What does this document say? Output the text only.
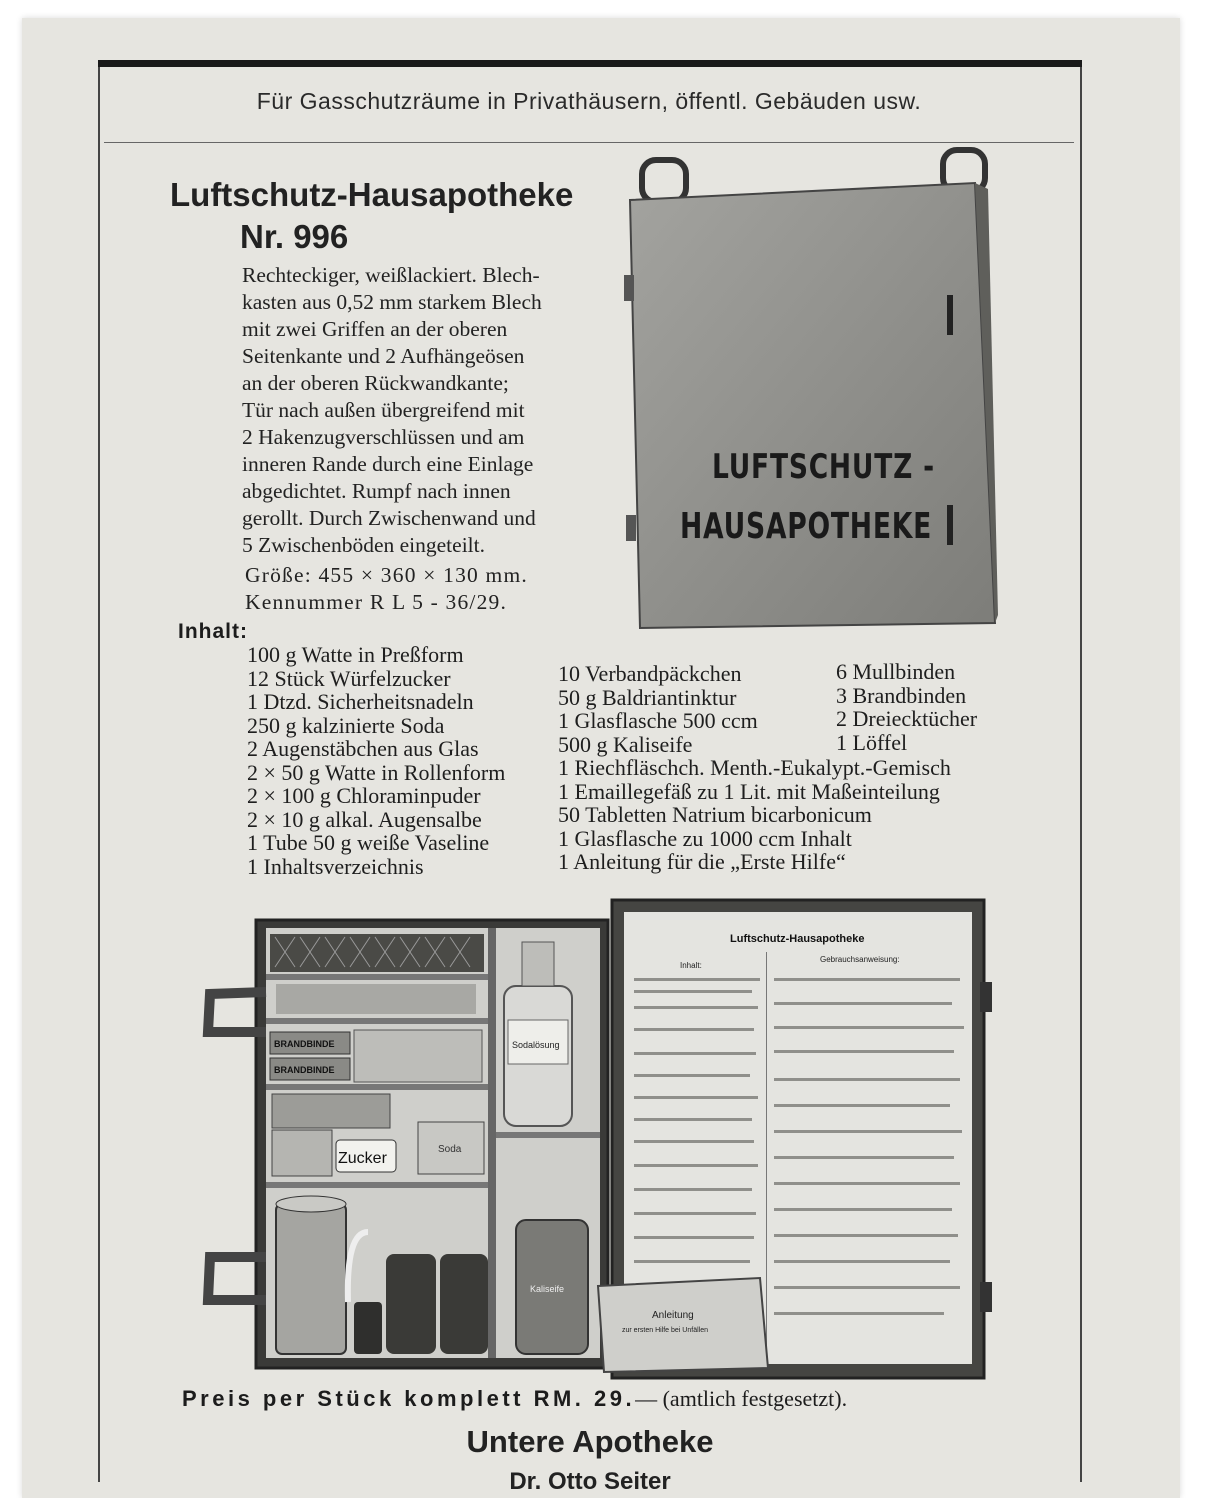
Für Gasschutzräume in Privathäusern, öffentl. Gebäuden usw.
Luftschutz-Hausapotheke
Nr. 996

Rechteckiger, weißlackiert. Blech-

kasten aus 0,52 mm starkem Blech

mit zwei Griffen an der oberen

Seitenkante und 2 Aufhängeösen

an der oberen Rückwandkante;

Tür nach außen übergreifend mit

2 Hakenzugverschlüssen und am

inneren Rande durch eine Einlage

abgedichtet. Rumpf nach innen

gerollt. Durch Zwischenwand und

5 Zwischenböden eingeteilt.

Größe: 455 × 360 × 130 mm.
Kennummer R L 5 - 36/29.
LUFTSCHUTZ -
HAUSAPOTHEKE
Inhalt:
100 g Watte in Preßform
12 Stück Würfelzucker
1 Dtzd. Sicherheitsnadeln
250 g kalzinierte Soda
2 Augenstäbchen aus Glas
2 × 50 g Watte in Rollenform
2 × 100 g Chloraminpuder
2 × 10 g alkal. Augensalbe
1 Tube 50 g weiße Vaseline
1 Inhaltsverzeichnis
10 Verbandpäckchen
50 g Baldriantinktur
1 Glasflasche 500 ccm
500 g Kaliseife
1 Riechfläschch. Menth.-Eukalypt.-Gemisch
1 Emaillegefäß zu 1 Lit. mit Maßeinteilung
50 Tabletten Natrium bicarbonicum
1 Glasflasche zu 1000 ccm Inhalt
1 Anleitung für die „Erste Hilfe“
6 Mullbinden
3 Brandbinden
2 Dreiecktücher
1 Löffel
BRANDBINDE
BRANDBINDE
Zucker
Soda
Sodalösung
Kaliseife
Luftschutz-Hausapotheke
Inhalt:
Gebrauchsanweisung:
Anleitung
zur ersten Hilfe bei Unfällen
Preis per Stück komplett RM. 29.— (amtlich festgesetzt).
Untere Apotheke
Dr. Otto Seiter
